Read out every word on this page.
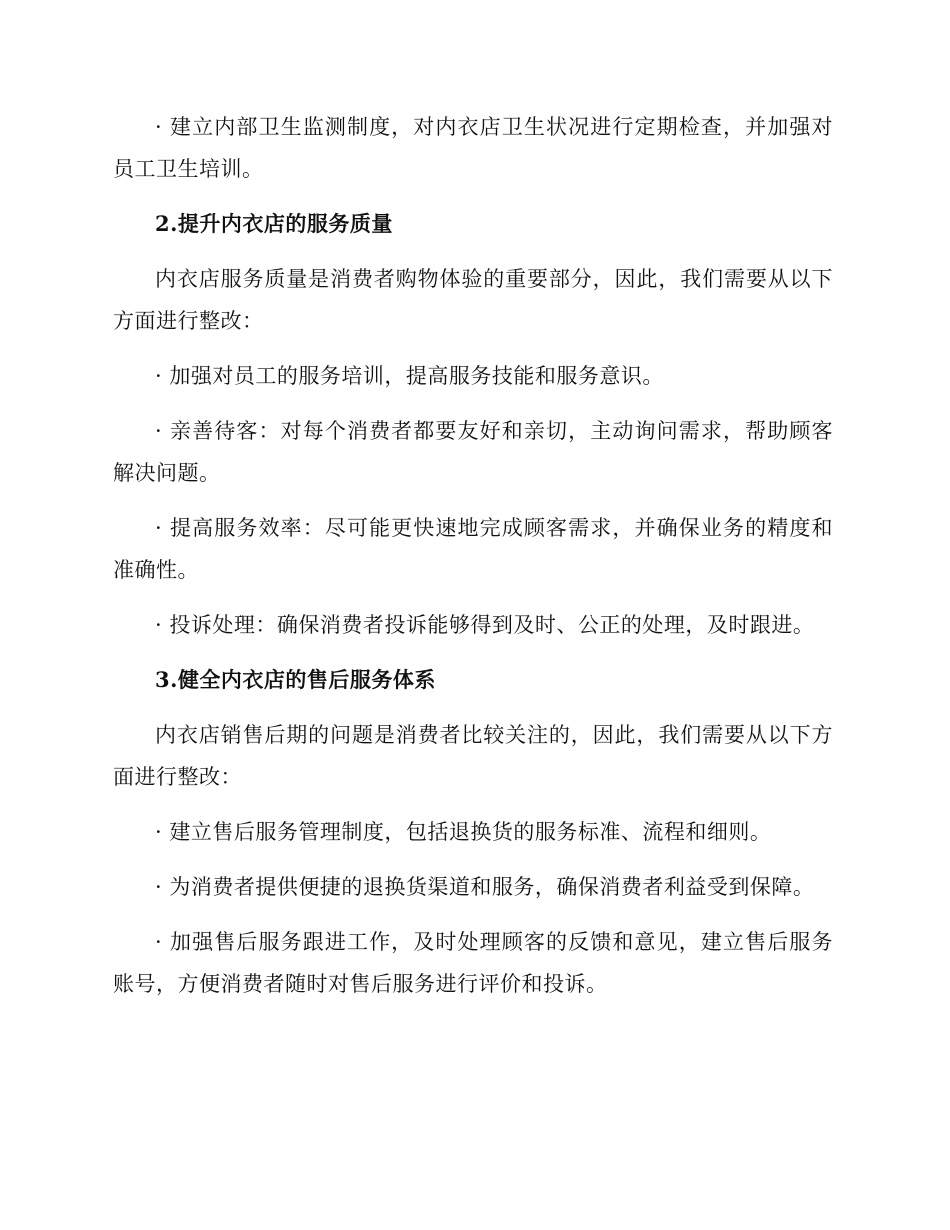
· 建立内部卫生监测制度，对内衣店卫生状况进行定期检查，并加强对员工卫生培训。

2.提升内衣店的服务质量

内衣店服务质量是消费者购物体验的重要部分，因此，我们需要从以下方面进行整改：

· 加强对员工的服务培训，提高服务技能和服务意识。

· 亲善待客：对每个消费者都要友好和亲切，主动询问需求，帮助顾客解决问题。

· 提高服务效率：尽可能更快速地完成顾客需求，并确保业务的精度和准确性。

· 投诉处理：确保消费者投诉能够得到及时、公正的处理，及时跟进。

3.健全内衣店的售后服务体系

内衣店销售后期的问题是消费者比较关注的，因此，我们需要从以下方面进行整改：

· 建立售后服务管理制度，包括退换货的服务标准、流程和细则。

· 为消费者提供便捷的退换货渠道和服务，确保消费者利益受到保障。

· 加强售后服务跟进工作，及时处理顾客的反馈和意见，建立售后服务账号，方便消费者随时对售后服务进行评价和投诉。
